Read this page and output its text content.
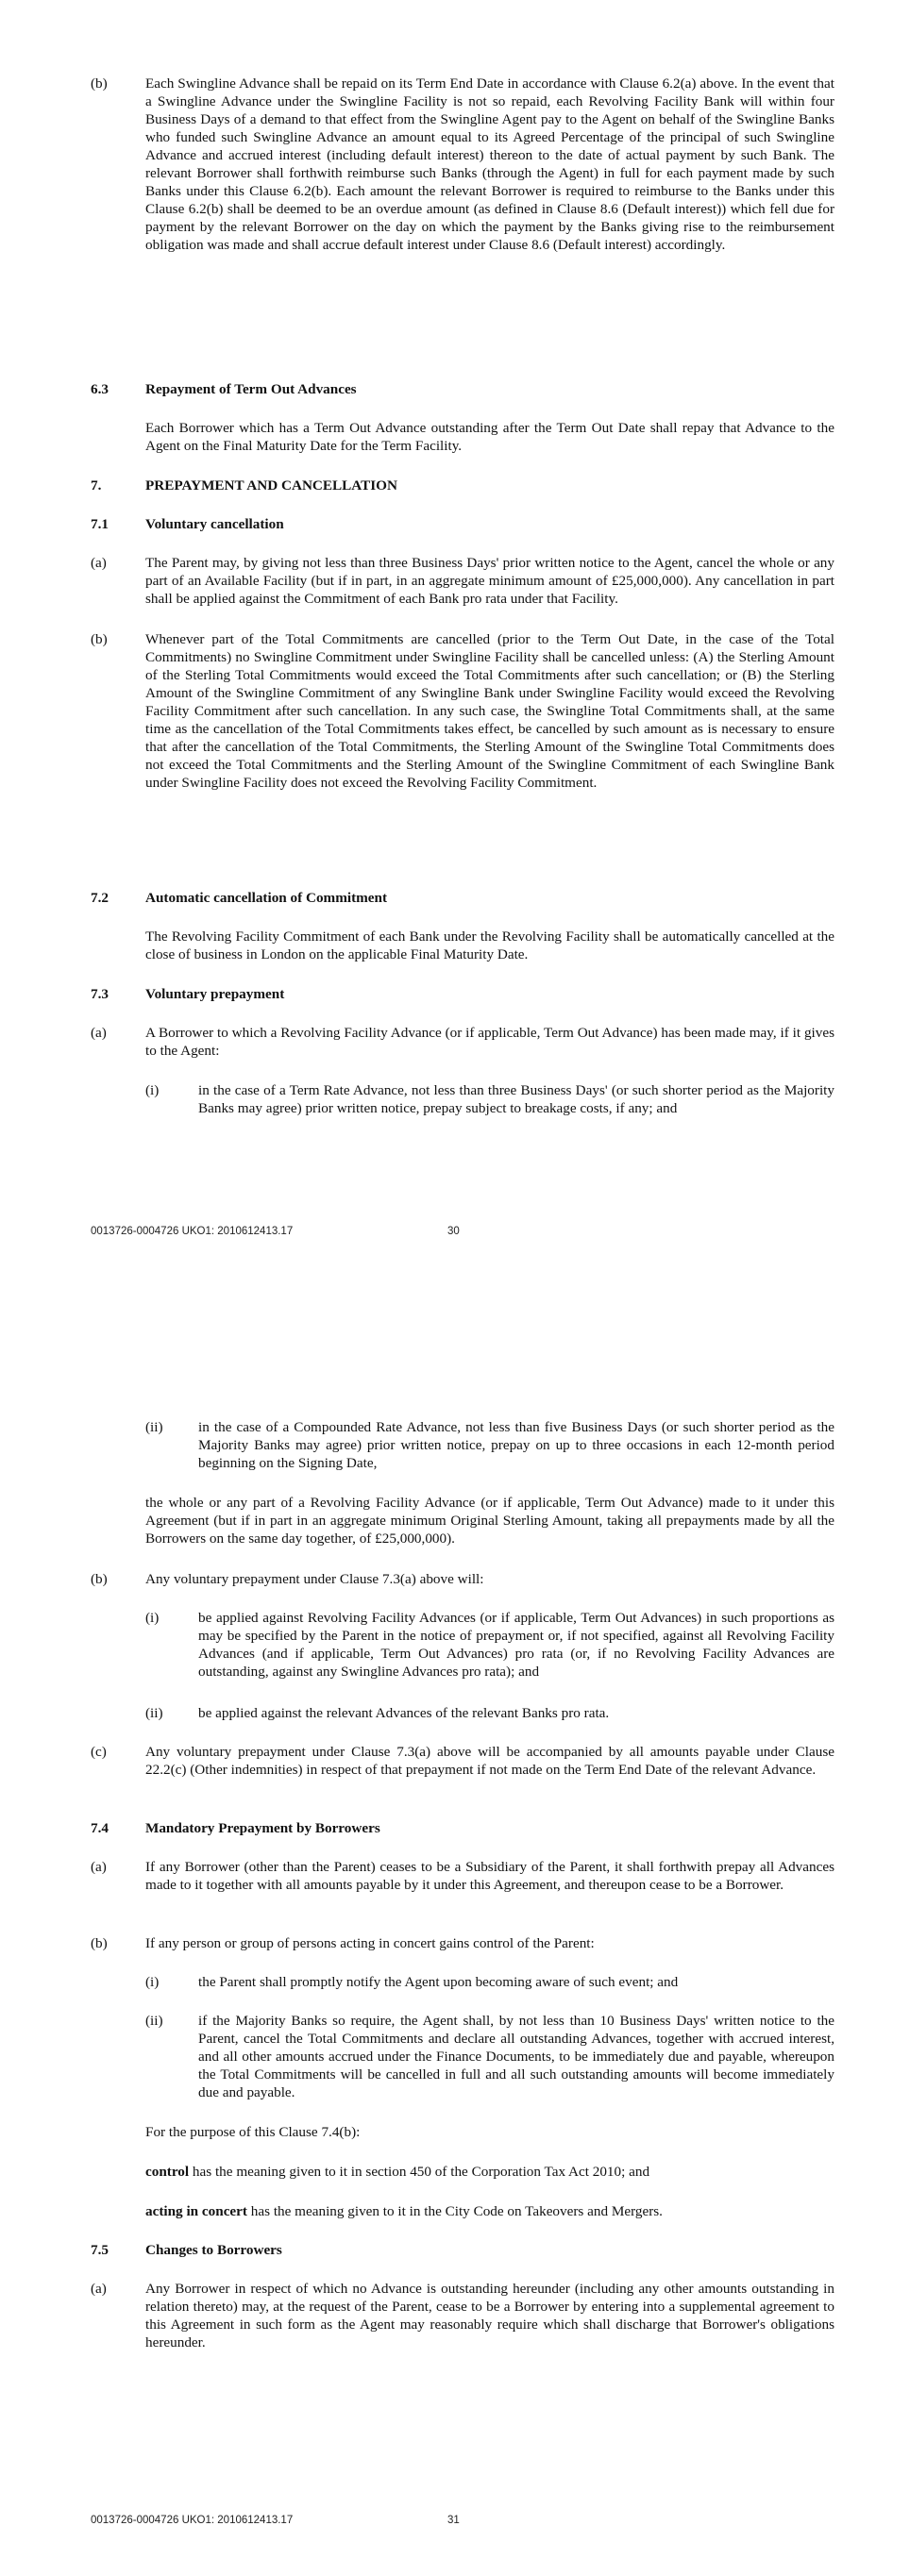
(b)	Each Swingline Advance shall be repaid on its Term End Date in accordance with Clause 6.2(a) above. In the event that a Swingline Advance under the Swingline Facility is not so repaid, each Revolving Facility Bank will within four Business Days of a demand to that effect from the Swingline Agent pay to the Agent on behalf of the Swingline Banks who funded such Swingline Advance an amount equal to its Agreed Percentage of the principal of such Swingline Advance and accrued interest (including default interest) thereon to the date of actual payment by such Bank. The relevant Borrower shall forthwith reimburse such Banks (through the Agent) in full for each payment made by such Banks under this Clause 6.2(b). Each amount the relevant Borrower is required to reimburse to the Banks under this Clause 6.2(b) shall be deemed to be an overdue amount (as defined in Clause 8.6 (Default interest)) which fell due for payment by the relevant Borrower on the day on which the payment by the Banks giving rise to the reimbursement obligation was made and shall accrue default interest under Clause 8.6 (Default interest) accordingly.
6.3	Repayment of Term Out Advances
Each Borrower which has a Term Out Advance outstanding after the Term Out Date shall repay that Advance to the Agent on the Final Maturity Date for the Term Facility.
7.	PREPAYMENT AND CANCELLATION
7.1	Voluntary cancellation
(a)	The Parent may, by giving not less than three Business Days' prior written notice to the Agent, cancel the whole or any part of an Available Facility (but if in part, in an aggregate minimum amount of £25,000,000). Any cancellation in part shall be applied against the Commitment of each Bank pro rata under that Facility.
(b)	Whenever part of the Total Commitments are cancelled (prior to the Term Out Date, in the case of the Total Commitments) no Swingline Commitment under Swingline Facility shall be cancelled unless: (A) the Sterling Amount of the Sterling Total Commitments would exceed the Total Commitments after such cancellation; or (B) the Sterling Amount of the Swingline Commitment of any Swingline Bank under Swingline Facility would exceed the Revolving Facility Commitment after such cancellation. In any such case, the Swingline Total Commitments shall, at the same time as the cancellation of the Total Commitments takes effect, be cancelled by such amount as is necessary to ensure that after the cancellation of the Total Commitments, the Sterling Amount of the Swingline Total Commitments does not exceed the Total Commitments and the Sterling Amount of the Swingline Commitment of each Swingline Bank under Swingline Facility does not exceed the Revolving Facility Commitment.
7.2	Automatic cancellation of Commitment
The Revolving Facility Commitment of each Bank under the Revolving Facility shall be automatically cancelled at the close of business in London on the applicable Final Maturity Date.
7.3	Voluntary prepayment
(a)	A Borrower to which a Revolving Facility Advance (or if applicable, Term Out Advance) has been made may, if it gives to the Agent:
(i)	in the case of a Term Rate Advance, not less than three Business Days' (or such shorter period as the Majority Banks may agree) prior written notice, prepay subject to breakage costs, if any; and
0013726-0004726 UKO1: 2010612413.17	30
(ii) in the case of a Compounded Rate Advance, not less than five Business Days (or such shorter period as the Majority Banks may agree) prior written notice, prepay on up to three occasions in each 12-month period beginning on the Signing Date,
the whole or any part of a Revolving Facility Advance (or if applicable, Term Out Advance) made to it under this Agreement (but if in part in an aggregate minimum Original Sterling Amount, taking all prepayments made by all the Borrowers on the same day together, of £25,000,000).
(b)	Any voluntary prepayment under Clause 7.3(a) above will:
(i)	be applied against Revolving Facility Advances (or if applicable, Term Out Advances) in such proportions as may be specified by the Parent in the notice of prepayment or, if not specified, against all Revolving Facility Advances (and if applicable, Term Out Advances) pro rata (or, if no Revolving Facility Advances are outstanding, against any Swingline Advances pro rata); and
(ii) be applied against the relevant Advances of the relevant Banks pro rata.
(c)	Any voluntary prepayment under Clause 7.3(a) above will be accompanied by all amounts payable under Clause 22.2(c) (Other indemnities) in respect of that prepayment if not made on the Term End Date of the relevant Advance.
7.4	Mandatory Prepayment by Borrowers
(a)	If any Borrower (other than the Parent) ceases to be a Subsidiary of the Parent, it shall forthwith prepay all Advances made to it together with all amounts payable by it under this Agreement, and thereupon cease to be a Borrower.
(b)	If any person or group of persons acting in concert gains control of the Parent:
(i)	the Parent shall promptly notify the Agent upon becoming aware of such event; and
(ii) if the Majority Banks so require, the Agent shall, by not less than 10 Business Days' written notice to the Parent, cancel the Total Commitments and declare all outstanding Advances, together with accrued interest, and all other amounts accrued under the Finance Documents, to be immediately due and payable, whereupon the Total Commitments will be cancelled in full and all such outstanding amounts will become immediately due and payable.
For the purpose of this Clause 7.4(b):
control has the meaning given to it in section 450 of the Corporation Tax Act 2010; and
acting in concert has the meaning given to it in the City Code on Takeovers and Mergers.
7.5	Changes to Borrowers
(a)	Any Borrower in respect of which no Advance is outstanding hereunder (including any other amounts outstanding in relation thereto) may, at the request of the Parent, cease to be a Borrower by entering into a supplemental agreement to this Agreement in such form as the Agent may reasonably require which shall discharge that Borrower's obligations hereunder.
0013726-0004726 UKO1: 2010612413.17	31
